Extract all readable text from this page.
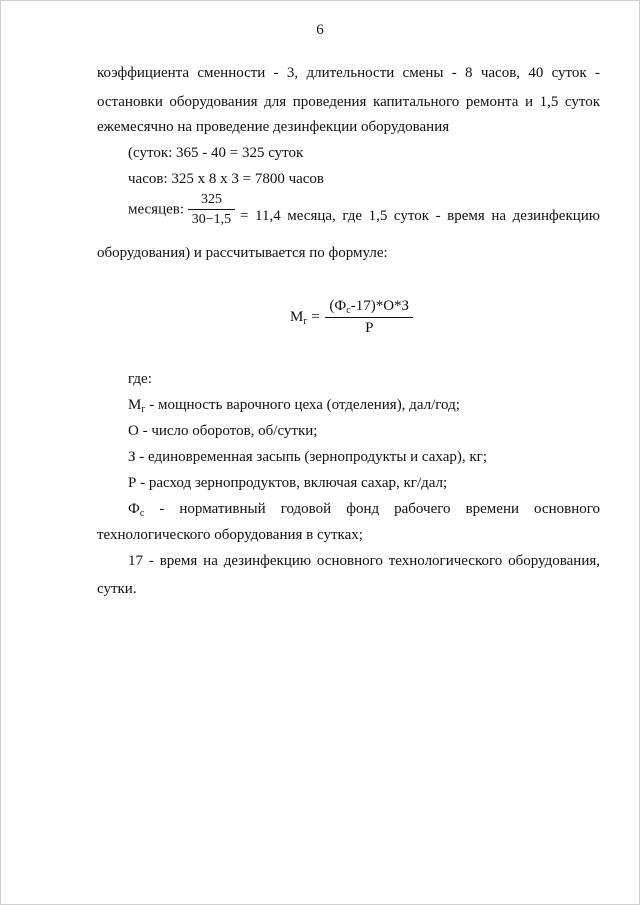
6
коэффициента сменности - 3, длительности смены - 8 часов, 40 суток -
остановки оборудования для проведения капитального ремонта и 1,5 суток
ежемесячно на проведение дезинфекции оборудования
(суток: 365 - 40 = 325 суток
часов: 325 х 8 х 3 = 7800 часов
месяцев: $\frac{325}{30-1,5} = 11,4$ месяца, где 1,5 суток - время на дезинфекцию
оборудования) и рассчитывается по формуле:
$М_г = \frac{(Ф_с-17)*О*З}{Р}$
где:
$М_г$ - мощность варочного цеха (отделения), дал/год;
О - число оборотов, об/сутки;
З - единовременная засыпь (зернопродукты и сахар), кг;
Р - расход зернопродуктов, включая сахар, кг/дал;
$Ф_с$ - нормативный годовой фонд рабочего времени основного
технологического оборудования в сутках;
17 - время на дезинфекцию основного технологического оборудования,
сутки.
